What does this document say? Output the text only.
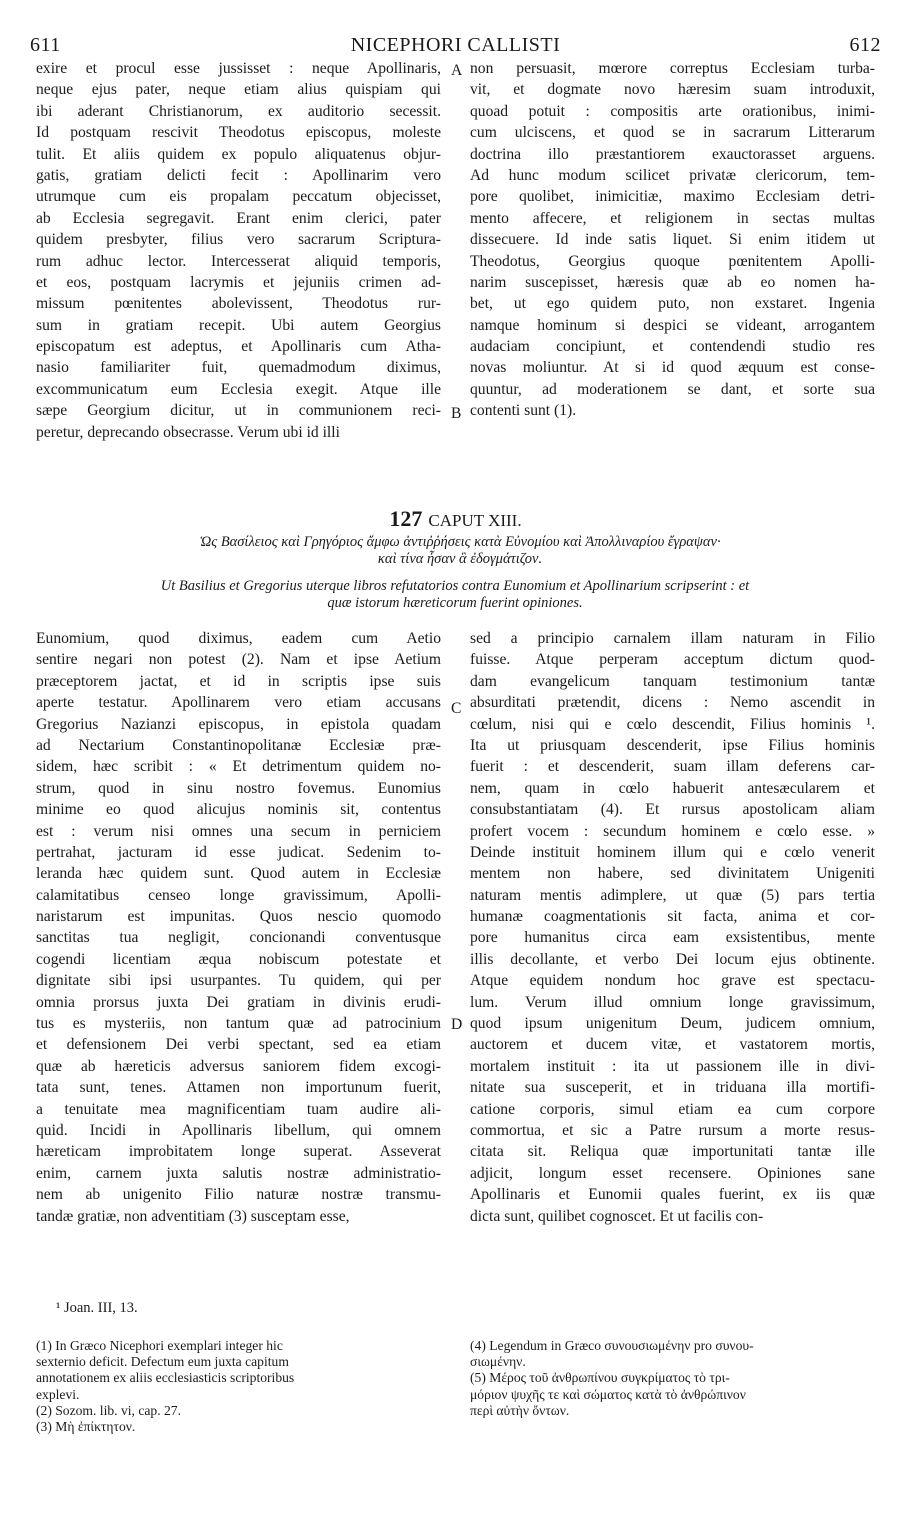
611	NICEPHORI CALLISTI	612
exire et procul esse jussisset : neque Apollinaris,
neque ejus pater, neque etiam alius quispiam qui
ibi aderant Christianorum, ex auditorio secessit.
Id postquam rescivit Theodotus episcopus, moleste
tulit. Et aliis quidem ex populo aliquatenus objur-
gatis, gratiam delicti fecit : Apollinarim vero
utrumque cum eis propalam peccatum objecisset,
ab Ecclesia segregavit. Erant enim clerici, pater
quidem presbyter, filius vero sacrarum Scriptura-
rum adhuc lector. Intercesserat aliquid temporis,
et eos, postquam lacrymis et jejuniis crimen ad-
missum pœnitentes abolevissent, Theodotus rur-
sum in gratiam recepit. Ubi autem Georgius
episcopatum est adeptus, et Apollinaris cum Atha-
nasio familiariter fuit, quemadmodum diximus,
excommunicatum eum Ecclesia exegit. Atque ille
sæpe Georgium dicitur, ut in communionem reci-
peretur, deprecando obsecrasse. Verum ubi id illi
non persuasit, mœrore correptus Ecclesiam turba-
vit, et dogmate novo hæresim suam introduxit,
quoad potuit : compositis arte orationibus, inimi-
cum ulciscens, et quod se in sacrarum Litterarum
doctrina illo præstantiorem exauctorasset arguens.
Ad hunc modum scilicet privatæ clericorum, tem-
pore quolibet, inimicitiæ, maximo Ecclesiam detri-
mento affecere, et religionem in sectas multas
dissecuere. Id inde satis liquet. Si enim itidem ut
Theodotus, Georgius quoque pœnitentem Apolli-
narim suscepisset, hæresis quæ ab eo nomen ha-
bet, ut ego quidem puto, non exstaret. Ingenia
namque hominum si despici se videant, arrogantem
audaciam concipiunt, et contendendi studio res
novas moliuntur. At si id quod æquum est conse-
quuntur, ad moderationem se dant, et sorte sua
contenti sunt (1).
A
B
127 CAPUT XIII.
Ὡς Βασίλειος καὶ Γρηγόριος ἄμφω ἀντιῤῥήσεις κατὰ Εὐνομίου καὶ Ἀπολλιναρίου ἔγραψαν·
καὶ τίνα ἦσαν ἃ ἐδογμάτιζον.
Ut Basilius et Gregorius uterque libros refutatorios contra Eunomium et Apollinarium scripserint : et
quæ istorum hæreticorum fuerint opiniones.
Eunomium, quod diximus, eadem cum Aetio
sentire negari non potest (2). Nam et ipse Aetium
præceptorem jactat, et id in scriptis ipse suis
aperte testatur. Apollinarem vero etiam accusans
Gregorius Nazianzi episcopus, in epistola quadam
ad Nectarium Constantinopolitanæ Ecclesiæ præ-
sidem, hæc scribit : « Et detrimentum quidem no-
strum, quod in sinu nostro fovemus. Eunomius
minime eo quod alicujus nominis sit, contentus
est : verum nisi omnes una secum in perniciem
pertrahat, jacturam id esse judicat. Sedenim to-
leranda hæc quidem sunt. Quod autem in Ecclesiæ
calamitatibus censeo longe gravissimum, Apolli-
naristarum est impunitas. Quos nescio quomodo
sanctitas tua negligit, concionandi conventusque
cogendi licentiam æqua nobiscum potestate et
dignitate sibi ipsi usurpantes. Tu quidem, qui per
omnia prorsus juxta Dei gratiam in divinis erudi-
tus es mysteriis, non tantum quæ ad patrocinium
et defensionem Dei verbi spectant, sed ea etiam
quæ ab hæreticis adversus saniorem fidem excogi-
tata sunt, tenes. Attamen non importunum fuerit,
a tenuitate mea magnificentiam tuam audire ali-
quid. Incidi in Apollinaris libellum, qui omnem
hæreticam improbitatem longe superat. Asseverat
enim, carnem juxta salutis nostræ administratio-
nem ab unigenito Filio naturæ nostræ transmu-
tandæ gratiæ, non adventitiam (3) susceptam esse,
sed a principio carnalem illam naturam in Filio
fuisse. Atque perperam acceptum dictum quod-
dam evangelicum tanquam testimonium tantæ
absurditati prætendit, dicens : Nemo ascendit in
cœlum, nisi qui e cœlo descendit, Filius hominis ¹.
Ita ut priusquam descenderit, ipse Filius hominis
fuerit : et descenderit, suam illam deferens car-
nem, quam in cœlo habuerit antesæcularem et
consubstantiatam (4). Et rursus apostolicam aliam
profert vocem : secundum hominem e cœlo esse. »
Deinde instituit hominem illum qui e cœlo venerit
mentem non habere, sed divinitatem Unigeniti
naturam mentis adimplere, ut quæ (5) pars tertia
humanæ coagmentationis sit facta, anima et cor-
pore humanitus circa eam exsistentibus, mente
illis decollante, et verbo Dei locum ejus obtinente.
Atque equidem nondum hoc grave est spectacu-
lum. Verum illud omnium longe gravissimum,
quod ipsum unigenitum Deum, judicem omnium,
auctorem et ducem vitæ, et vastatorem mortis,
mortalem instituit : ita ut passionem ille in divi-
nitate sua susceperit, et in triduana illa mortifi-
catione corporis, simul etiam ea cum corpore
commortua, et sic a Patre rursum a morte resus-
citata sit. Reliqua quæ importunitati tantæ ille
adjicit, longum esset recensere. Opiniones sane
Apollinaris et Eunomii quales fuerint, ex iis quæ
dicta sunt, quilibet cognoscet. Et ut facilis con-
C
D
¹ Joan. III, 13.
(1) In Græco Nicephori exemplari integer hic
sexternio deficit. Defectum eum juxta capitum
annotationem ex aliis ecclesiasticis scriptoribus
explevi.
(2) Sozom. lib. vi, cap. 27.
(3) Μὴ ἐπίκτητον.
(4) Legendum in Græco συνουσιωμένην pro συνου-
σιωμένην.
(5) Μέρος τοῦ ἀνθρωπίνου συγκρίματος τὸ τρι-
μόριον ψυχῆς τε καὶ σώματος κατὰ τὸ ἀνθρώπινον
περὶ αὐτὴν ὄντων.
